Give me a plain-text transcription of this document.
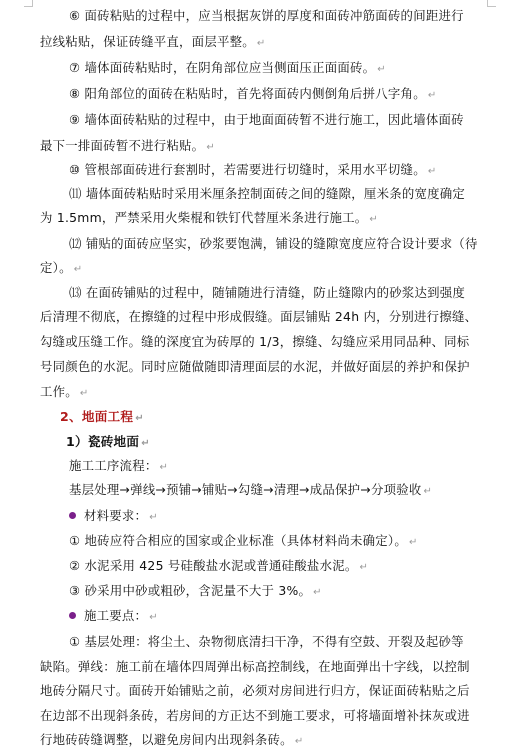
⑥ 面砖粘贴的过程中，应当根据灰饼的厚度和面砖冲筋面砖的间距进行
拉线粘贴，保证砖缝平直，面层平整。 ↵
⑦ 墙体面砖粘贴时，在阴角部位应当侧面压正面面砖。 ↵
⑧ 阳角部位的面砖在粘贴时，首先将面砖内侧倒角后拼八字角。 ↵
⑨ 墙体面砖粘贴的过程中，由于地面面砖暂不进行施工，因此墙体面砖
最下一排面砖暂不进行粘贴。 ↵
⑩ 管根部面砖进行套割时，若需要进行切缝时，采用水平切缝。 ↵
⑾ 墙体面砖粘贴时采用米厘条控制面砖之间的缝隙，厘米条的宽度确定
为 1.5mm，严禁采用火柴棍和铁钉代替厘米条进行施工。 ↵
⑿ 铺贴的面砖应坚实，砂浆要饱满，铺设的缝隙宽度应符合设计要求（待
定）。 ↵
⒀ 在面砖铺贴的过程中，随铺随进行清缝，防止缝隙内的砂浆达到强度
后清理不彻底，在擦缝的过程中形成假缝。面层铺贴 24h 内，分别进行擦缝、
勾缝或压缝工作。缝的深度宜为砖厚的 1/3，擦缝、勾缝应采用同品种、同标
号同颜色的水泥。同时应随做随即清理面层的水泥，并做好面层的养护和保护
工作。 ↵
2、地面工程 ↵
1）瓷砖地面 ↵
施工工序流程： ↵
基层处理→弹线→预铺→铺贴→勾缝→清理→成品保护→分项验收 ↵
材料要求： ↵
① 地砖应符合相应的国家或企业标准（具体材料尚未确定）。 ↵
② 水泥采用 425 号硅酸盐水泥或普通硅酸盐水泥。 ↵
③ 砂采用中砂或粗砂，含泥量不大于 3%。 ↵
施工要点： ↵
① 基层处理：将尘土、杂物彻底清扫干净，不得有空鼓、开裂及起砂等
缺陷。弹线：施工前在墙体四周弹出标高控制线，在地面弹出十字线，以控制
地砖分隔尺寸。面砖开始铺贴之前，必须对房间进行归方，保证面砖粘贴之后
在边部不出现斜条砖，若房间的方正达不到施工要求，可将墙面增补抹灰或进
行地砖砖缝调整，以避免房间内出现斜条砖。 ↵
